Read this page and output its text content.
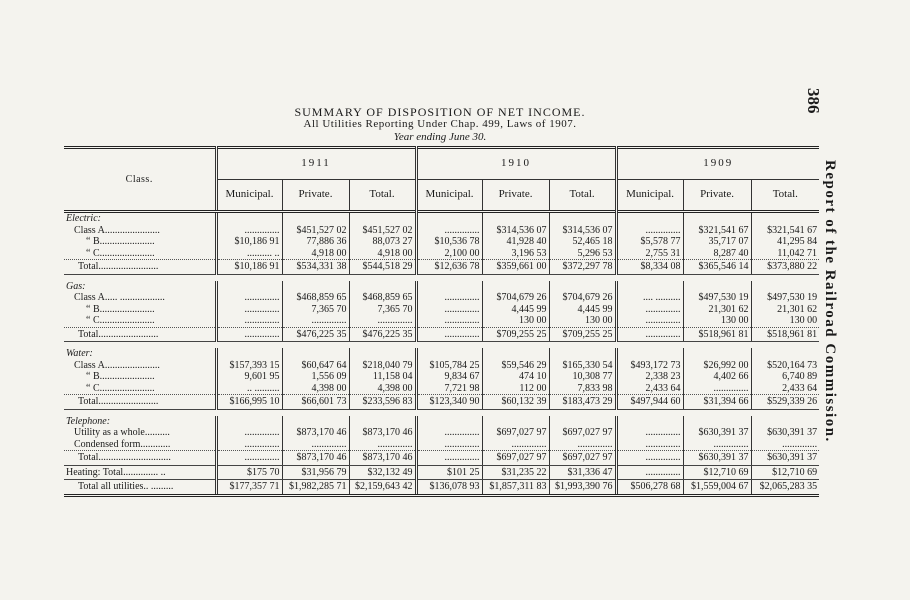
386
Report of the Railroad Commission.
SUMMARY OF DISPOSITION OF NET INCOME.
All Utilities Reporting Under Chap. 499, Laws of 1907.
Year ending June 30.
Class.	1911			1910			1909		
	Municipal.	Private.	Total.	Municipal.	Private.	Total.	Municipal.	Private.	Total.
Electric:									
Class A......................	..............	$451,527 02	$451,527 02	..............	$314,536 07	$314,536 07	..............	$321,541 67	$321,541 67
“ B......................	$10,186 91	77,886 36	88,073 27	$10,536 78	41,928 40	52,465 18	$5,578 77	35,717 07	41,295 84
“ C......................	.......... ..	4,918 00	4,918 00	2,100 00	3,196 53	5,296 53	2,755 31	8,287 40	11,042 71
Total........................	$10,186 91	$534,331 38	$544,518 29	$12,636 78	$359,661 00	$372,297 78	$8,334 08	$365,546 14	$373,880 22

Gas:									
Class A..... ..................	..............	$468,859 65	$468,859 65	..............	$704,679 26	$704,679 26	.... ..........	$497,530 19	$497,530 19
“ B......................	..............	7,365 70	7,365 70	..............	4,445 99	4,445 99	..............	21,301 62	21,301 62
“ C......................	..............	..............	..............	..............	130 00	130 00	..............	130 00	130 00
Total........................	..............	$476,225 35	$476,225 35	..............	$709,255 25	$709,255 25	..............	$518,961 81	$518,961 81

Water:									
Class A......................	$157,393 15	$60,647 64	$218,040 79	$105,784 25	$59,546 29	$165,330 54	$493,172 73	$26,992 00	$520,164 73
“ B......................	9,601 95	1,556 09	11,158 04	9,834 67	474 10	10,308 77	2,338 23	4,402 66	6,740 89
“ C......................	.. ..........	4,398 00	4,398 00	7,721 98	112 00	7,833 98	2,433 64	..............	2,433 64
Total........................	$166,995 10	$66,601 73	$233,596 83	$123,340 90	$60,132 39	$183,473 29	$497,944 60	$31,394 66	$529,339 26

Telephone:									
Utility as a whole..........	..............	$873,170 46	$873,170 46	..............	$697,027 97	$697,027 97	..............	$630,391 37	$630,391 37
Condensed form............	..............	..............	..............	..............	..............	..............	..............	..............	..............
Total.............................	..............	$873,170 46	$873,170 46	..............	$697,027 97	$697,027 97	..............	$630,391 37	$630,391 37
Heating: Total.............. ..	$175 70	$31,956 79	$32,132 49	$101 25	$31,235 22	$31,336 47	..............	$12,710 69	$12,710 69
Total all utilities.. .........	$177,357 71	$1,982,285 71	$2,159,643 42	$136,078 93	$1,857,311 83	$1,993,390 76	$506,278 68	$1,559,004 67	$2,065,283 35
